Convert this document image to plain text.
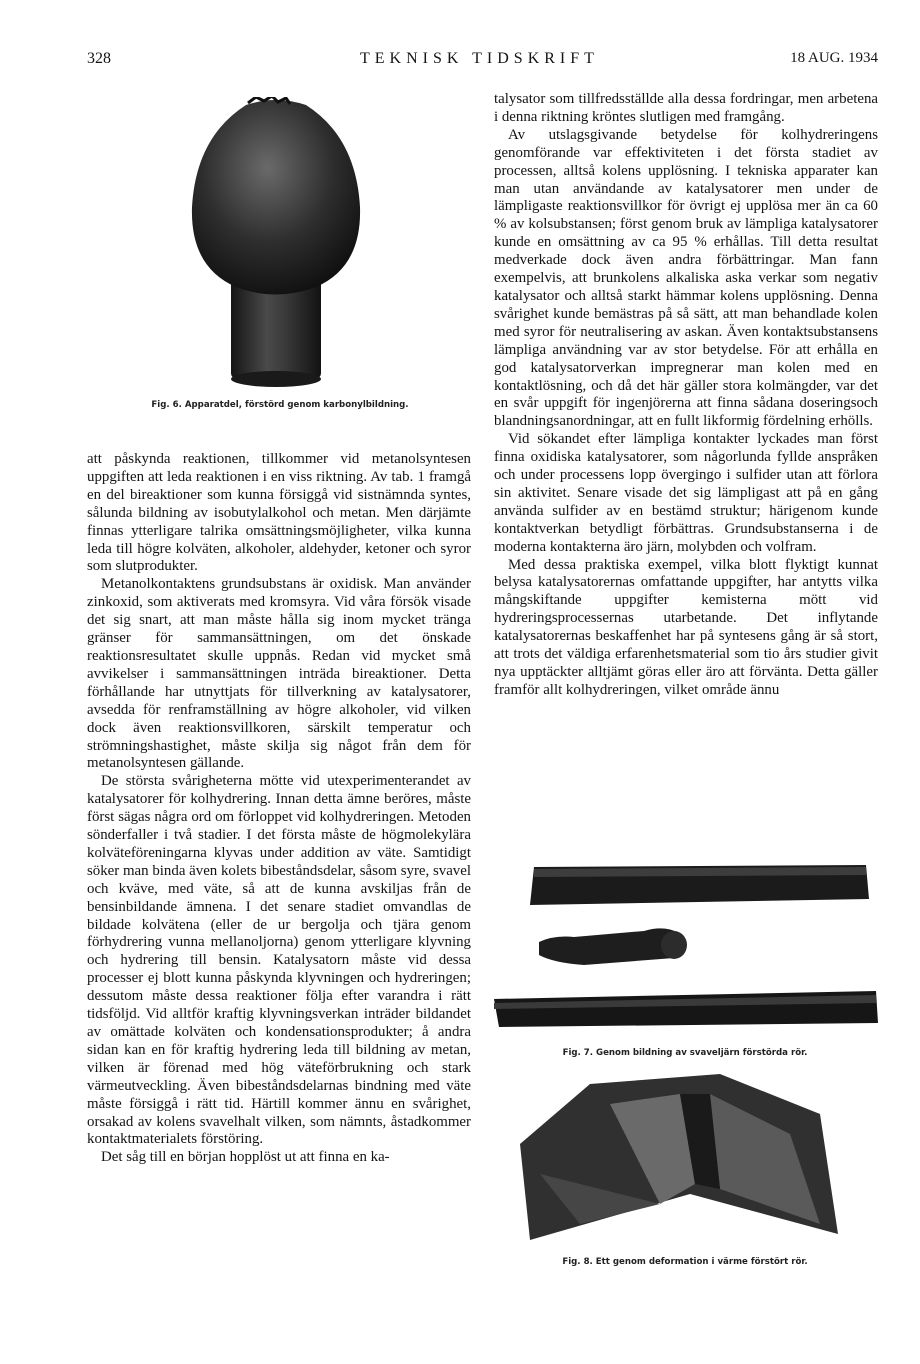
328	TEKNISK TIDSKRIFT	18 AUG. 1934
Fig. 6. Apparatdel, förstörd genom karbonylbildning.

att påskynda reaktionen, tillkommer vid metanolsyntesen uppgiften att leda reaktionen i en viss riktning. Av tab. 1 framgå en del bireaktioner som kunna försiggå vid sistnämnda syntes, sålunda bildning av isobutylalkohol och metan. Men därjämte finnas ytterligare talrika omsättningsmöjligheter, vilka kunna leda till högre kolväten, alkoholer, aldehyder, ketoner och syror som slutprodukter.

Metanolkontaktens grundsubstans är oxidisk. Man använder zinkoxid, som aktiverats med kromsyra. Vid våra försök visade det sig snart, att man måste hålla sig inom mycket tränga gränser för sammansättningen, om det önskade reaktionsresultatet skulle uppnås. Redan vid mycket små avvikelser i sammansättningen inträda bireaktioner. Detta förhållande har utnyttjats för tillverkning av katalysatorer, avsedda för renframställning av högre alkoholer, vid vilken dock även reaktionsvillkoren, särskilt temperatur och strömningshastighet, måste skilja sig något från dem för metanolsyntesen gällande.

De största svårigheterna mötte vid utexperimenterandet av katalysatorer för kolhydrering. Innan detta ämne beröres, måste först sägas några ord om förloppet vid kolhydreringen. Metoden sönderfaller i två stadier. I det första måste de högmolekylära kolväteföreningarna klyvas under addition av väte. Samtidigt söker man binda även kolets bibeståndsdelar, såsom syre, svavel och kväve, med väte, så att de kunna avskiljas från de bensinbildande ämnena. I det senare stadiet omvandlas de bildade kolvätena (eller de ur bergolja och tjära genom förhydrering vunna mellanoljorna) genom ytterligare klyvning och hydrering till bensin. Katalysatorn måste vid dessa processer ej blott kunna påskynda klyvningen och hydreringen; dessutom måste dessa reaktioner följa efter varandra i rätt tidsföljd. Vid alltför kraftig klyvningsverkan inträder bildandet av omättade kolväten och kondensationsprodukter; å andra sidan kan en för kraftig hydrering leda till bildning av metan, vilken är förenad med hög väteförbrukning och stark värmeutveckling. Även bibeståndsdelarnas bindning med väte måste försiggå i rätt tid. Härtill kommer ännu en svårighet, orsakad av kolens svavelhalt vilken, som nämnts, åstadkommer kontaktmaterialets förstöring.

Det såg till en början hopplöst ut att finna en ka-

talysator som tillfredsställde alla dessa fordringar, men arbetena i denna riktning kröntes slutligen med framgång.

Av utslagsgivande betydelse för kolhydreringens genomförande var effektiviteten i det första stadiet av processen, alltså kolens upplösning. I tekniska apparater kan man utan användande av katalysatorer men under de lämpligaste reaktionsvillkor för övrigt ej upplösa mer än ca 60 % av kolsubstansen; först genom bruk av lämpliga katalysatorer kunde en omsättning av ca 95 % erhållas. Till detta resultat medverkade dock även andra förbättringar. Man fann exempelvis, att brunkolens alkaliska aska verkar som negativ katalysator och alltså starkt hämmar kolens upplösning. Denna svårighet kunde bemästras på så sätt, att man behandlade kolen med syror för neutralisering av askan. Även kontaktsubstansens lämpliga användning var av stor betydelse. För att erhålla en god katalysatorverkan impregnerar man kolen med en kontaktlösning, och då det här gäller stora kolmängder, var det en svår uppgift för ingenjörerna att finna sådana doseringsoch blandningsanordningar, att en fullt likformig fördelning erhölls.

Vid sökandet efter lämpliga kontakter lyckades man först finna oxidiska katalysatorer, som någorlunda fyllde anspråken och under processens lopp övergingo i sulfider utan att förlora sin aktivitet. Senare visade det sig lämpligast att på en gång använda sulfider av en bestämd struktur; härigenom kunde kontaktverkan betydligt förbättras. Grundsubstanserna i de moderna kontakterna äro järn, molybden och volfram.

Med dessa praktiska exempel, vilka blott flyktigt kunnat belysa katalysatorernas omfattande uppgifter, har antytts vilka mångskiftande uppgifter kemisterna mött vid hydreringsprocessernas utarbetande. Det inflytande katalysatorernas beskaffenhet har på syntesens gång är så stort, att trots det väldiga erfarenhetsmaterial som tio års studier givit nya upptäckter alltjämt göras eller äro att förvänta. Detta gäller framför allt kolhydreringen, vilket område ännu

Fig. 7. Genom bildning av svaveljärn förstörda rör.
Fig. 8. Ett genom deformation i värme förstört rör.
